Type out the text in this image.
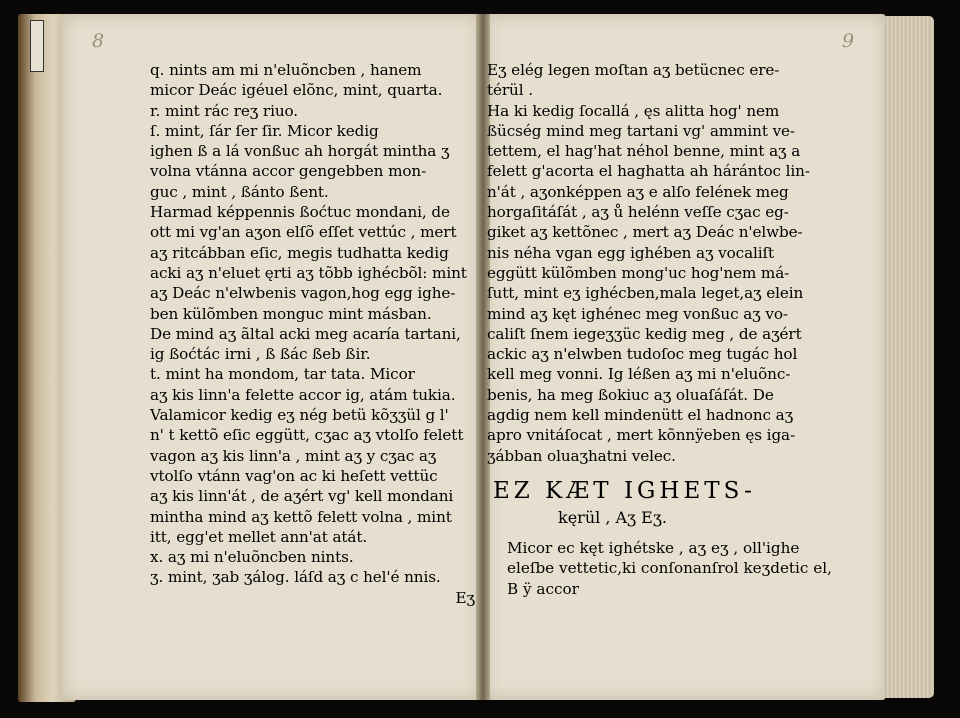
8	9
q. nints am mi n'eluõncben , hanem
micor Deác igéuel elõnc, mint, quarta.
r. mint rác reʒ riuo.
ſ. mint, ſár ſer ſir. Micor kedig
ighen ß a lá vonßuc ah horgát mintha ʒ
volna vtánna accor gengebben mon-
guc , mint , ßánto ßent.
Harmad képpennis ßoćtuc mondani, de
ott mi vg'an aʒon elſõ eſſet vettúc , mert
aʒ ritcábban eſic, megis tudhatta kedig
acki aʒ n'eluet ęrti aʒ tõbb ighécbõl: mint
aʒ Deác n'elwbenis vagon,hog egg ighe-
ben külõmben monguc mint másban.
De mind aʒ ãltal acki meg acaría tartani,
ig ßoćtác irni , ß ßác ßeb ßir.
t. mint ha mondom, tar tata. Micor
aʒ kis linn'a felette accor ig, atám tukia.
Valamicor kedig eʒ nég betü kõʒʒül g l'
n' t kettõ eſic eggütt, cʒac aʒ vtolſo felett
vagon aʒ kis linn'a , mint aʒ y cʒac aʒ
vtolſo vtánn vag'on ac ki heſett vettüc
aʒ kis linn'át , de aʒért vg' kell mondani
mintha mind aʒ kettõ felett volna , mint
itt, egg'et mellet ann'at atát.
x. aʒ mi n'eluõncben nints.
ʒ. mint, ʒab ʒálog. láſd aʒ c hel'é nnis.
Eʒ
Eʒ elég legen moſtan aʒ betücnec ere-
térül .
Ha ki kedig ſocallá , ęs alitta hog' nem
ßücség mind meg tartani vg' ammint ve-
tettem, el hag'hat néhol benne, mint aʒ a
felett g'acorta el haghatta ah hárántoc lin-
n'át , aʒonképpen aʒ e alſo felének meg
horgaſitáſát , aʒ ů helénn veſſe cʒac eg-
giket aʒ kettõnec , mert aʒ Deác n'elwbe-
nis néha vgan egg ighében aʒ vocaliſt
eggütt külõmben mong'uc hog'nem má-
ſutt, mint eʒ ighécben,mala leget,aʒ elein
mind aʒ kęt ighénec meg vonßuc aʒ vo-
caliſt ſnem iegeʒʒüc kedig meg , de aʒért
ackic aʒ n'elwben tudoſoc meg tugác hol
kell meg vonni. Ig léßen aʒ mi n'eluõnc-
benis, ha meg ßokiuc aʒ oluaſáſát. De
agdig nem kell mindenütt el hadnonc aʒ
apro vnitáſocat , mert kõnnÿeben ęs iga-
ʒábban oluaʒhatni velec.
EZ KÆT IGHETS-
kęrül , Aʒ Eʒ.
Micor ec kęt ighétske , aʒ eʒ , oll'ighe
eleſbe vettetic,ki conſonanſrol keʒdetic el,
B ÿ accor
